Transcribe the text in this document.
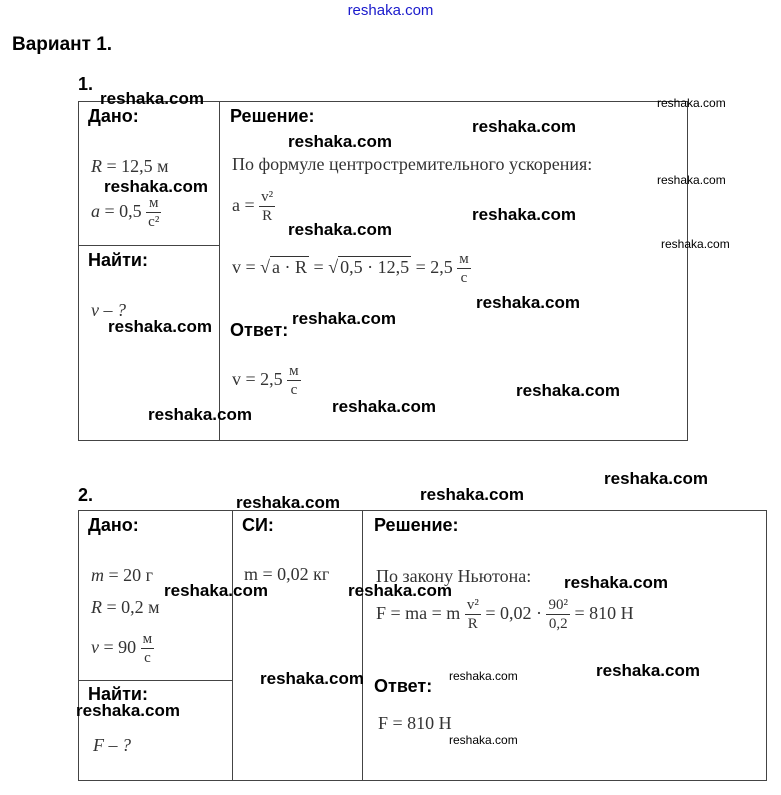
reshaka.com
Вариант 1.
1.
Дано:
R = 12,5 м
$a = 0,5 \frac{м}{\text{с²}}$
Найти:
v – ?
Решение:
По формуле центростремительного ускорения:
$a = \frac{\text{v²}}{R}$
v = √ a · R = √ $0,5 \cdot 12,5 = 2,5 \frac{м}{с}$
Ответ:
$v = 2,5 \frac{м}{с}$
2.
Дано:
m = 20 г
R = 0,2 м
$v = 90 \frac{м}{с}$
Найти:
F – ?
СИ:
m = 0,02 кг
Решение:
По закону Ньютона:
F = ma = m $\frac{\text{v²}}{R} = 0,02 \cdot \frac{\text{90²}}{0,2} = 810$ Н
Ответ:
F = 810 Н
reshaka.com	reshaka.com
reshaka.com
reshaka.com
reshaka.com
reshaka.com
reshaka.com
reshaka.com
reshaka.com
reshaka.com
reshaka.com
reshaka.com
reshaka.com
reshaka.com
reshaka.com
reshaka.com
reshaka.com
reshaka.com
reshaka.com
reshaka.com
reshaka.com
reshaka.com
reshaka.com
reshaka.com
reshaka.com
reshaka.com
